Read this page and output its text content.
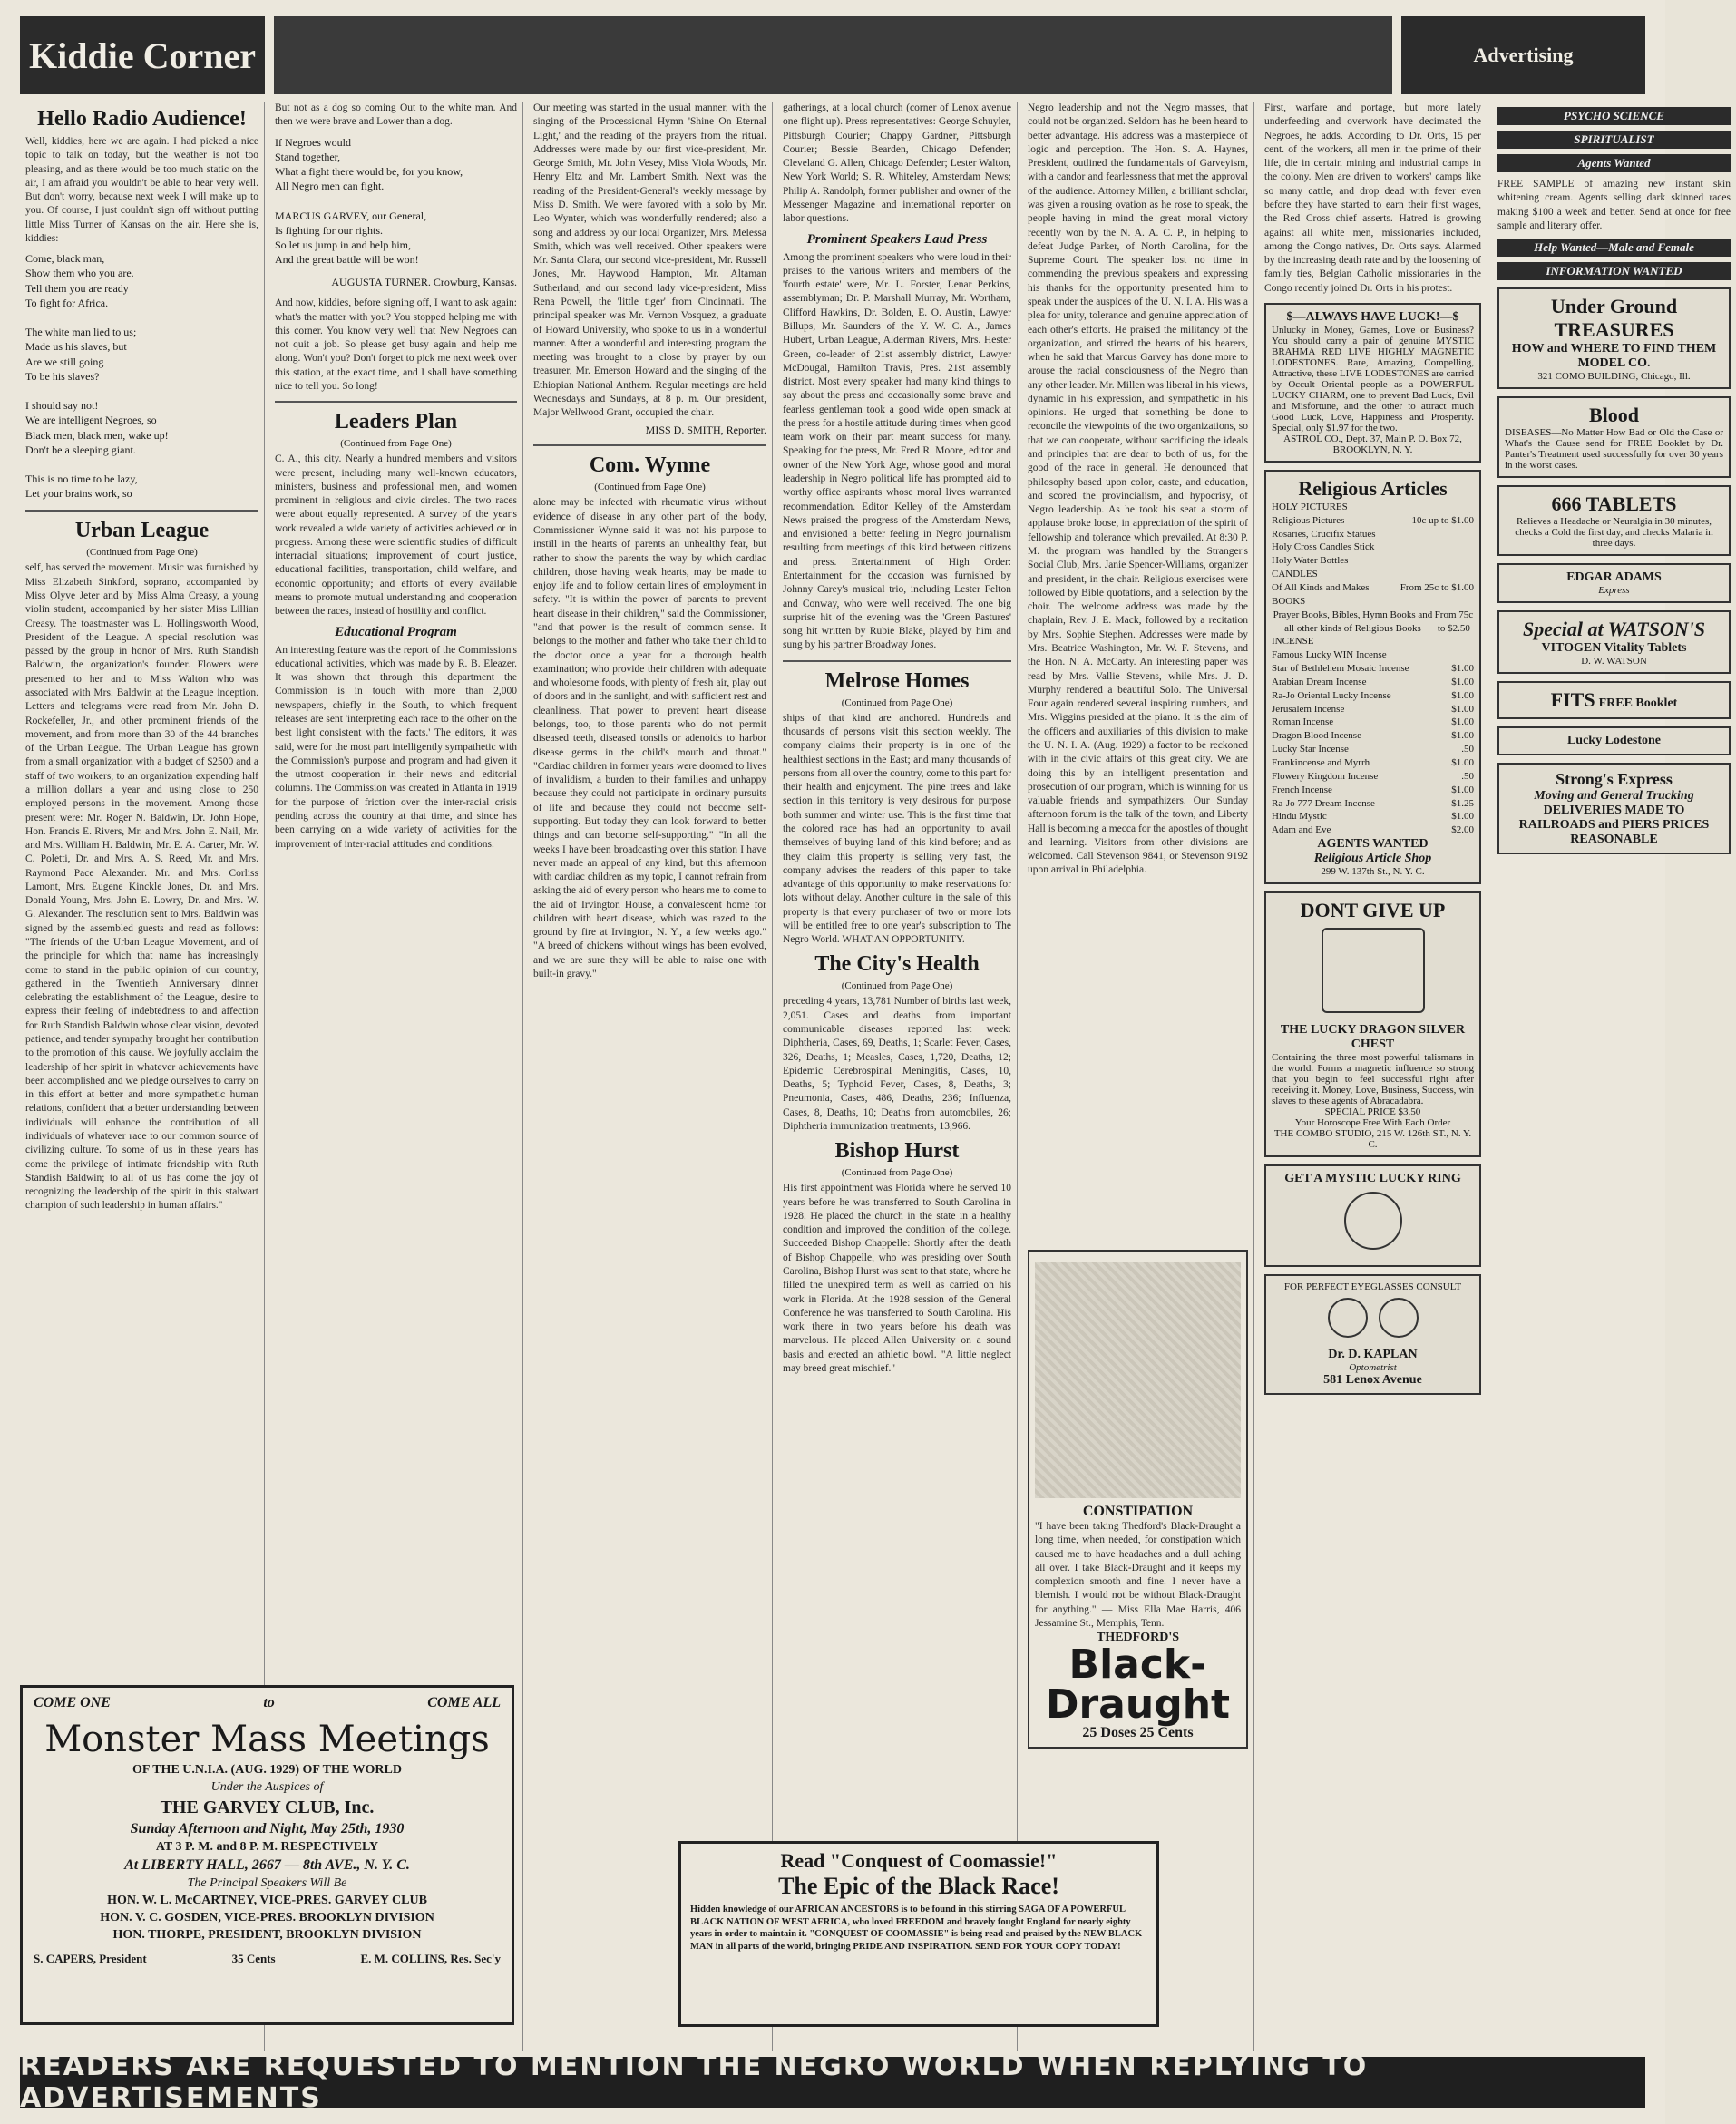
Kiddie Corner	Advertising
Hello Radio Audience!
Well, kiddies, here we are again. I had picked a nice topic to talk on today, but the weather is not too pleasing, and as there would be too much static on the air, I am afraid you wouldn't be able to hear very well. But don't worry, because next week I will make up to you. Of course, I just couldn't sign off without putting little Miss Turner of Kansas on the air. Here she is, kiddies:
Come, black man,
Show them who you are.
Tell them you are ready
To fight for Africa.

The white man lied to us;
Made us his slaves, but
Are we still going
To be his slaves?

I should say not!
We are intelligent Negroes, so
Black men, black men, wake up!
Don't be a sleeping giant.

This is no time to be lazy,
Let your brains work, so
Urban League
(Continued from Page One)
self, has served the movement. Music was furnished by Miss Elizabeth Sinkford, soprano, accompanied by Miss Olyve Jeter and by Miss Alma Creasy, a young violin student, accompanied by her sister Miss Lillian Creasy. The toastmaster was L. Hollingsworth Wood, President of the League. A special resolution was passed by the group in honor of Mrs. Ruth Standish Baldwin, the organization's founder. Flowers were presented to her and to Miss Walton who was associated with Mrs. Baldwin at the League inception. Letters and telegrams were read from Mr. John D. Rockefeller, Jr., and other prominent friends of the movement, and from more than 30 of the 44 branches of the Urban League. The Urban League has grown from a small organization with a budget of $2500 and a staff of two workers, to an organization expending half a million dollars a year and using close to 250 employed persons in the movement. Among those present were: Mr. Roger N. Baldwin, Dr. John Hope, Hon. Francis E. Rivers, Mr. and Mrs. John E. Nail, Mr. and Mrs. William H. Baldwin, Mr. E. A. Carter, Mr. W. C. Poletti, Dr. and Mrs. A. S. Reed, Mr. and Mrs. Raymond Pace Alexander. Mr. and Mrs. Corliss Lamont, Mrs. Eugene Kinckle Jones, Dr. and Mrs. Donald Young, Mrs. John E. Lowry, Dr. and Mrs. W. G. Alexander. The resolution sent to Mrs. Baldwin was signed by the assembled guests and read as follows: "The friends of the Urban League Movement, and of the principle for which that name has increasingly come to stand in the public opinion of our country, gathered in the Twentieth Anniversary dinner celebrating the establishment of the League, desire to express their feeling of indebtedness to and affection for Ruth Standish Baldwin whose clear vision, devoted patience, and tender sympathy brought her contribution to the promotion of this cause. We joyfully acclaim the leadership of her spirit in whatever achievements have been accomplished and we pledge ourselves to carry on in this effort at better and more sympathetic human relations, confident that a better understanding between individuals will enhance the contribution of all individuals of whatever race to our common source of civilizing culture. To some of us in these years has come the privilege of intimate friendship with Ruth Standish Baldwin; to all of us has come the joy of recognizing the leadership of the spirit in this stalwart champion of such leadership in human affairs."
But not as a dog so coming Out to the white man. And then we were brave and Lower than a dog.
If Negroes would
Stand together,
What a fight there would be, for you know,
All Negro men can fight.

MARCUS GARVEY, our General,
Is fighting for our rights.
So let us jump in and help him,
And the great battle will be won!
AUGUSTA TURNER. Crowburg, Kansas.
And now, kiddies, before signing off, I want to ask again: what's the matter with you? You stopped helping me with this corner. You know very well that New Negroes can not quit a job. So please get busy again and help me along. Won't you? Don't forget to pick me next week over this station, at the exact time, and I shall have something nice to tell you. So long!
Leaders Plan
(Continued from Page One)
C. A., this city. Nearly a hundred members and visitors were present, including many well-known educators, ministers, business and professional men, and women prominent in religious and civic circles. The two races were about equally represented. A survey of the year's work revealed a wide variety of activities achieved or in progress. Among these were scientific studies of difficult interracial situations; improvement of court justice, educational facilities, transportation, child welfare, and economic opportunity; and efforts of every available means to promote mutual understanding and cooperation between the races, instead of hostility and conflict.
Educational Program
An interesting feature was the report of the Commission's educational activities, which was made by R. B. Eleazer. It was shown that through this department the Commission is in touch with more than 2,000 newspapers, chiefly in the South, to which frequent releases are sent 'interpreting each race to the other on the best light consistent with the facts.' The editors, it was said, were for the most part intelligently sympathetic with the Commission's purpose and program and had given it the utmost cooperation in their news and editorial columns. The Commission was created in Atlanta in 1919 for the purpose of friction over the inter-racial crisis pending across the country at that time, and since has been carrying on a wide variety of activities for the improvement of inter-racial attitudes and conditions.
Our meeting was started in the usual manner, with the singing of the Processional Hymn 'Shine On Eternal Light,' and the reading of the prayers from the ritual. Addresses were made by our first vice-president, Mr. George Smith, Mr. John Vesey, Miss Viola Woods, Mr. Henry Eltz and Mr. Lambert Smith. Next was the reading of the President-General's weekly message by Miss D. Smith. We were favored with a solo by Mr. Leo Wynter, which was wonderfully rendered; also a song and address by our local Organizer, Mrs. Melessa Smith, which was well received. Other speakers were Mr. Santa Clara, our second vice-president, Mr. Russell Jones, Mr. Haywood Hampton, Mr. Altaman Sutherland, and our second lady vice-president, Miss Rena Powell, the 'little tiger' from Cincinnati. The principal speaker was Mr. Vernon Vosquez, a graduate of Howard University, who spoke to us in a wonderful manner. After a wonderful and interesting program the meeting was brought to a close by prayer by our treasurer, Mr. Emerson Howard and the singing of the Ethiopian National Anthem. Regular meetings are held Wednesdays and Sundays, at 8 p. m. Our president, Major Wellwood Grant, occupied the chair.
MISS D. SMITH, Reporter.
Com. Wynne
(Continued from Page One)
alone may be infected with rheumatic virus without evidence of disease in any other part of the body, Commissioner Wynne said it was not his purpose to instill in the hearts of parents an unhealthy fear, but rather to show the parents the way by which cardiac children, those having weak hearts, may be made to enjoy life and to follow certain lines of employment in safety. "It is within the power of parents to prevent heart disease in their children," said the Commissioner, "and that power is the result of common sense. It belongs to the mother and father who take their child to the doctor once a year for a thorough health examination; who provide their children with adequate and wholesome foods, with plenty of fresh air, play out of doors and in the sunlight, and with sufficient rest and cleanliness. That power to prevent heart disease belongs, too, to those parents who do not permit diseased teeth, diseased tonsils or adenoids to harbor disease germs in the child's mouth and throat." "Cardiac children in former years were doomed to lives of invalidism, a burden to their families and unhappy because they could not participate in ordinary pursuits of life and because they could not become self-supporting. But today they can look forward to better things and can become self-supporting." "In all the weeks I have been broadcasting over this station I have never made an appeal of any kind, but this afternoon with cardiac children as my topic, I cannot refrain from asking the aid of every person who hears me to come to the aid of Irvington House, a convalescent home for children with heart disease, which was razed to the ground by fire at Irvington, N. Y., a few weeks ago." "A breed of chickens without wings has been evolved, and we are sure they will be able to raise one with built-in gravy."
gatherings, at a local church (corner of Lenox avenue one flight up). Press representatives: George Schuyler, Pittsburgh Courier; Chappy Gardner, Pittsburgh Courier; Bessie Bearden, Chicago Defender; Cleveland G. Allen, Chicago Defender; Lester Walton, New York World; S. R. Whiteley, Amsterdam News; Philip A. Randolph, former publisher and owner of the Messenger Magazine and international reporter on labor questions.
Prominent Speakers Laud Press
Among the prominent speakers who were loud in their praises to the various writers and members of the 'fourth estate' were, Mr. L. Forster, Lenar Perkins, assemblyman; Dr. P. Marshall Murray, Mr. Wortham, Clifford Hawkins, Dr. Bolden, E. O. Austin, Lawyer Billups, Mr. Saunders of the Y. W. C. A., James Hubert, Urban League, Alderman Rivers, Mrs. Hester Green, co-leader of 21st assembly district, Lawyer McDougal, Hamilton Travis, Pres. 21st assembly district. Most every speaker had many kind things to say about the press and occasionally some brave and fearless gentleman took a good wide open smack at the press for a hostile attitude during times when good team work on their part meant success for many. Speaking for the press, Mr. Fred R. Moore, editor and owner of the New York Age, whose good and moral leadership in Negro political life has prompted aid to worthy office aspirants whose moral lives warranted recommendation. Editor Kelley of the Amsterdam News praised the progress of the Amsterdam News, and envisioned a better feeling in Negro journalism resulting from meetings of this kind between citizens and press. Entertainment of High Order: Entertainment for the occasion was furnished by Johnny Carey's musical trio, including Lester Felton and Conway, who were well received. The one big surprise hit of the evening was the 'Green Pastures' song hit written by Rubie Blake, played by him and sung by his partner Broadway Jones.
Melrose Homes
(Continued from Page One)
ships of that kind are anchored. Hundreds and thousands of persons visit this section weekly. The company claims their property is in one of the healthiest sections in the East; and many thousands of persons from all over the country, come to this part for their health and enjoyment. The pine trees and lake section in this territory is very desirous for purpose both summer and winter use. This is the first time that the colored race has had an opportunity to avail themselves of buying land of this kind before; and as they claim this property is selling very fast, the company advises the readers of this paper to take advantage of this opportunity to make reservations for lots without delay. Another culture in the sale of this property is that every purchaser of two or more lots will be entitled free to one year's subscription to The Negro World. WHAT AN OPPORTUNITY.
The City's Health
(Continued from Page One)
preceding 4 years, 13,781 Number of births last week, 2,051. Cases and deaths from important communicable diseases reported last week: Diphtheria, Cases, 69, Deaths, 1; Scarlet Fever, Cases, 326, Deaths, 1; Measles, Cases, 1,720, Deaths, 12; Epidemic Cerebrospinal Meningitis, Cases, 10, Deaths, 5; Typhoid Fever, Cases, 8, Deaths, 3; Pneumonia, Cases, 486, Deaths, 236; Influenza, Cases, 8, Deaths, 10; Deaths from automobiles, 26; Diphtheria immunization treatments, 13,966.
Bishop Hurst
(Continued from Page One)
His first appointment was Florida where he served 10 years before he was transferred to South Carolina in 1928. He placed the church in the state in a healthy condition and improved the condition of the college. Succeeded Bishop Chappelle: Shortly after the death of Bishop Chappelle, who was presiding over South Carolina, Bishop Hurst was sent to that state, where he filled the unexpired term as well as carried on his work in Florida. At the 1928 session of the General Conference he was transferred to South Carolina. His work there in two years before his death was marvelous. He placed Allen University on a sound basis and erected an athletic bowl. "A little neglect may breed great mischief."
Negro leadership and not the Negro masses, that could not be organized. Seldom has he been heard to better advantage. His address was a masterpiece of logic and perception. The Hon. S. A. Haynes, President, outlined the fundamentals of Garveyism, with a candor and fearlessness that met the approval of the audience. Attorney Millen, a brilliant scholar, was given a rousing ovation as he rose to speak, the people having in mind the great moral victory recently won by the N. A. A. C. P., in helping to defeat Judge Parker, of North Carolina, for the Supreme Court. The speaker lost no time in commending the previous speakers and expressing his thanks for the opportunity presented him to speak under the auspices of the U. N. I. A. His was a plea for unity, tolerance and genuine appreciation of each other's efforts. He praised the militancy of the organization, and stirred the hearts of his hearers, when he said that Marcus Garvey has done more to arouse the racial consciousness of the Negro than any other leader. Mr. Millen was liberal in his views, dynamic in his expression, and sympathetic in his opinions. He urged that something be done to reconcile the viewpoints of the two organizations, so that we can cooperate, without sacrificing the ideals and principles that are dear to both of us, for the good of the race in general. He denounced that philosophy based upon color, caste, and education, and scored the provincialism, and hypocrisy, of Negro leadership. As he took his seat a storm of applause broke loose, in appreciation of the spirit of fellowship and tolerance which prevailed. At 8:30 P. M. the program was handled by the Stranger's Social Club, Mrs. Janie Spencer-Williams, organizer and president, in the chair. Religious exercises were followed by Bible quotations, and a selection by the choir. The welcome address was made by the chaplain, Rev. J. E. Mack, followed by a recitation by Mrs. Sophie Stephen. Addresses were made by Mrs. Beatrice Washington, Mr. W. F. Stevens, and the Hon. N. A. McCarty. An interesting paper was read by Mrs. Vallie Stevens, while Mrs. J. D. Murphy rendered a beautiful Solo. The Universal Four again rendered several inspiring numbers, and Mrs. Wiggins presided at the piano. It is the aim of the officers and auxiliaries of this division to make the U. N. I. A. (Aug. 1929) a factor to be reckoned with in the civic affairs of this great city. We are doing this by an intelligent presentation and prosecution of our program, which is winning for us valuable friends and sympathizers. Our Sunday afternoon forum is the talk of the town, and Liberty Hall is becoming a mecca for the apostles of thought and learning. Visitors from other divisions are welcomed. Call Stevenson 9841, or Stevenson 9192 upon arrival in Philadelphia.
CONSTIPATION
"I have been taking Thedford's Black-Draught a long time, when needed, for constipation which caused me to have headaches and a dull aching all over. I take Black-Draught and it keeps my complexion smooth and fine. I never have a blemish. I would not be without Black-Draught for anything." — Miss Ella Mae Harris, 406 Jessamine St., Memphis, Tenn.
THEDFORD'S
Black-Draught
25 Doses 25 Cents
First, warfare and portage, but more lately underfeeding and overwork have decimated the Negroes, he adds. According to Dr. Orts, 15 per cent. of the workers, all men in the prime of their life, die in certain mining and industrial camps in the colony. Men are driven to workers' camps like so many cattle, and drop dead with fever even before they have started to earn their first wages, the Red Cross chief asserts. Hatred is growing against all white men, missionaries included, among the Congo natives, Dr. Orts says. Alarmed by the increasing death rate and by the loosening of family ties, Belgian Catholic missionaries in the Congo recently joined Dr. Orts in his protest.
$—ALWAYS HAVE LUCK!—$
Unlucky in Money, Games, Love or Business? You should carry a pair of genuine MYSTIC BRAHMA RED LIVE HIGHLY MAGNETIC LODESTONES. Rare, Amazing, Compelling, Attractive, these LIVE LODESTONES are carried by Occult Oriental people as a POWERFUL LUCKY CHARM, one to prevent Bad Luck, Evil and Misfortune, and the other to attract much Good Luck, Love, Happiness and Prosperity. Special, only $1.97 for the two.
ASTROL CO., Dept. 37, Main P. O. Box 72, BROOKLYN, N. Y.
Religious Articles
HOLY PICTURES
Religious Pictures	10c up to $1.00
Rosaries, Crucifix Statues
Holy Cross Candles Stick
Holy Water Bottles
CANDLES
Of All Kinds and Makes	From 25c to $1.00
BOOKS
Prayer Books, Bibles, Hymn Books and all other kinds of Religious Books
From 75c to $2.50
INCENSE
Famous Lucky WIN Incense
Star of Bethlehem Mosaic Incense	$1.00
Arabian Dream Incense	$1.00
Ra-Jo Oriental Lucky Incense	$1.00
Jerusalem Incense	$1.00
Roman Incense	$1.00
Dragon Blood Incense	$1.00
Lucky Star Incense	.50
Frankincense and Myrrh	$1.00
Flowery Kingdom Incense	.50
French Incense	$1.00
Ra-Jo 777 Dream Incense	$1.25
Hindu Mystic	$1.00
Adam and Eve	$2.00
AGENTS WANTED
Religious Article Shop
299 W. 137th St., N. Y. C.
DONT GIVE UP
THE LUCKY DRAGON SILVER CHEST
Containing the three most powerful talismans in the world. Forms a magnetic influence so strong that you begin to feel successful right after receiving it. Money, Love, Business, Success, win slaves to these agents of Abracadabra.
SPECIAL PRICE $3.50
Your Horoscope Free With Each Order
THE COMBO STUDIO, 215 W. 126th ST., N. Y. C.
GET A MYSTIC LUCKY RING
FOR PERFECT EYEGLASSES CONSULT
Dr. D. KAPLAN
Optometrist
581 Lenox Avenue
PSYCHO SCIENCE
SPIRITUALIST
Agents Wanted
FREE SAMPLE of amazing new instant skin whitening cream. Agents selling dark skinned races making $100 a week and better. Send at once for free sample and literary offer.
Help Wanted—Male and Female
INFORMATION WANTED
Under Ground TREASURES
HOW and WHERE TO FIND THEM
MODEL CO.
321 COMO BUILDING, Chicago, Ill.
Blood
DISEASES—No Matter How Bad or Old the Case or What's the Cause send for FREE Booklet by Dr. Panter's Treatment used successfully for over 30 years in the worst cases.
666 TABLETS
Relieves a Headache or Neuralgia in 30 minutes, checks a Cold the first day, and checks Malaria in three days.
EDGAR ADAMS
Express
Special at WATSON'S
VITOGEN Vitality Tablets
D. W. WATSON
FITS FREE Booklet
Lucky Lodestone
Strong's Express
Moving and General Trucking
DELIVERIES MADE TO RAILROADS and PIERS PRICES REASONABLE
COME ONE	to	COME ALL
Monster Mass Meetings
OF THE U.N.I.A. (AUG. 1929) OF THE WORLD
Under the Auspices of
THE GARVEY CLUB, Inc.
Sunday Afternoon and Night, May 25th, 1930
AT 3 P. M. and 8 P. M. RESPECTIVELY
At LIBERTY HALL, 2667 — 8th AVE., N. Y. C.
The Principal Speakers Will Be
HON. W. L. McCARTNEY, VICE-PRES. GARVEY CLUB
HON. V. C. GOSDEN, VICE-PRES. BROOKLYN DIVISION
HON. THORPE, PRESIDENT, BROOKLYN DIVISION
S. CAPERS, President	35 Cents	E. M. COLLINS, Res. Sec'y
Read "Conquest of Coomassie!"
The Epic of the Black Race!
Hidden knowledge of our AFRICAN ANCESTORS is to be found in this stirring SAGA OF A POWERFUL BLACK NATION OF WEST AFRICA, who loved FREEDOM and bravely fought England for nearly eighty years in order to maintain it. "CONQUEST OF COOMASSIE" is being read and praised by the NEW BLACK MAN in all parts of the world, bringing PRIDE AND INSPIRATION. SEND FOR YOUR COPY TODAY!
READERS ARE REQUESTED TO MENTION THE NEGRO WORLD WHEN REPLYING TO ADVERTISEMENTS
